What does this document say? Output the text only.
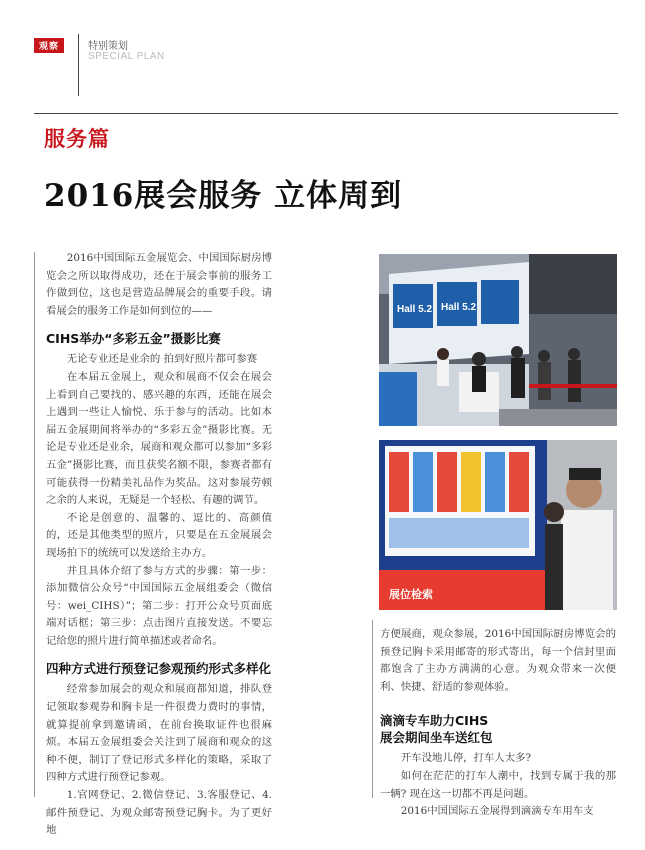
观察	特别策划
SPECIAL PLAN
服务篇
2016展会服务 立体周到

2016中国国际五金展览会、中国国际厨房博览会之所以取得成功，还在于展会事前的服务工作做到位，这也是营造品牌展会的重要手段。请看展会的服务工作是如何到位的——

CIHS举办“多彩五金”摄影比赛

无论专业还是业余的 拍到好照片都可参赛

在本届五金展上，观众和展商不仅会在展会上看到自己要找的、感兴趣的东西，还能在展会上遇到一些让人愉悦、乐于参与的活动。比如本届五金展期间将举办的“多彩五金”摄影比赛。无论是专业还是业余，展商和观众都可以参加“多彩五金”摄影比赛，而且获奖名额不限，参赛者都有可能获得一份精美礼品作为奖品。这对参展劳顿之余的人来说，无疑是一个轻松、有趣的调节。

不论是创意的、温馨的、逗比的、高颜值的，还是其他类型的照片，只要是在五金展展会现场拍下的统统可以发送给主办方。

并且具体介绍了参与方式的步骤：第一步：添加微信公众号“中国国际五金展组委会（微信号：wei_CIHS）”；第二步：打开公众号页面底端对话框；第三步：点击图片直接发送。不要忘记给您的照片进行简单描述或者命名。

四种方式进行预登记参观预约形式多样化

经常参加展会的观众和展商都知道，排队登记领取参观券和胸卡是一件很费力费时的事情，就算提前拿到邀请函，在前台换取证件也很麻烦。本届五金展组委会关注到了展商和观众的这种不便，制订了登记形式多样化的策略，采取了四种方式进行预登记参观。

1.官网登记、2.微信登记、3.客服登记、4.邮件预登记、为观众邮寄预登记胸卡。为了更好地

Hall 5.2 Hall 5.2
展位检索

方便展商，观众参展，2016中国国际厨房博览会的预登记胸卡采用邮寄的形式寄出，每一个信封里面都饱含了主办方满满的心意。为观众带来一次便利、快捷、舒适的参观体验。

滴滴专车助力CIHS
展会期间坐车送红包

开车没地儿停，打车人太多?

如何在茫茫的打车人潮中，找到专属于我的那一辆? 现在这一切都不再是问题。

2016中国国际五金展得到滴滴专车用车支
